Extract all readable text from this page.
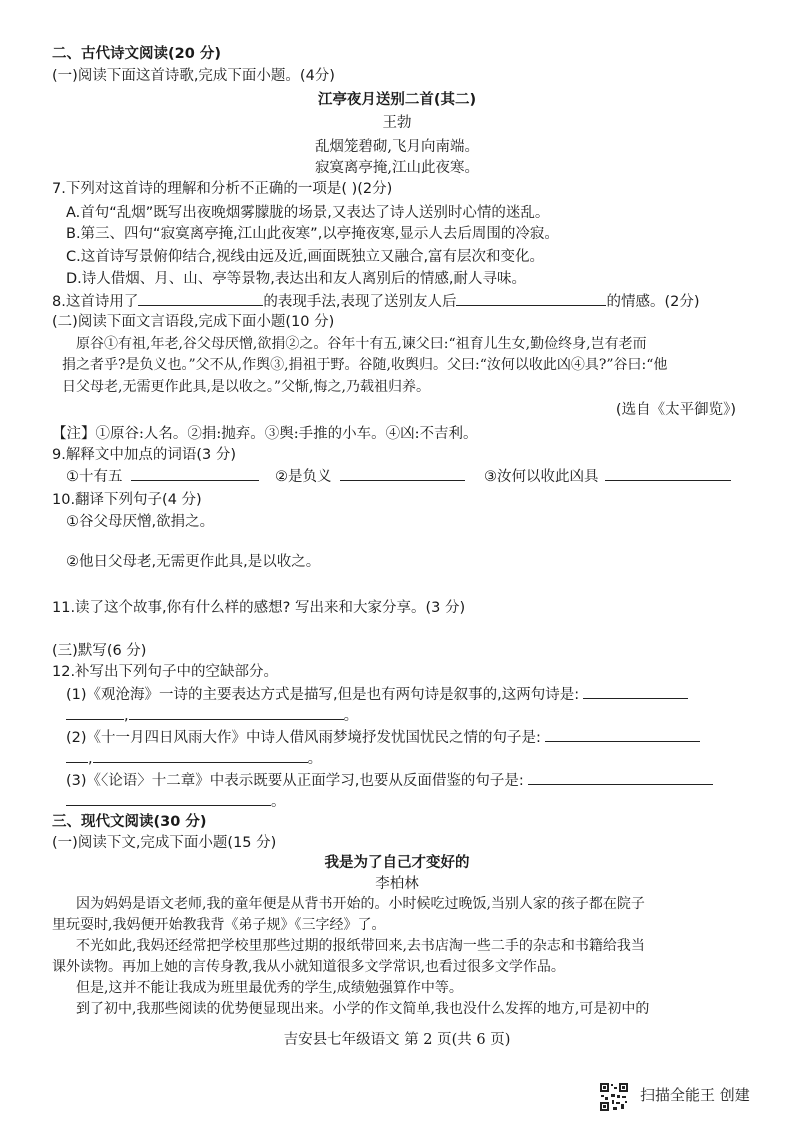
二、古代诗文阅读(20 分)
(一)阅读下面这首诗歌,完成下面小题。(4分)
江亭夜月送别二首(其二)
王勃
乱烟笼碧砌,飞月向南端。
寂寞离亭掩,江山此夜寒。
7.下列对这首诗的理解和分析不正确的一项是( )(2分)
A.首句“乱烟”既写出夜晚烟雾朦胧的场景,又表达了诗人送别时心情的迷乱。
B.第三、四句“寂寞离亭掩,江山此夜寒”,以亭掩夜寒,显示人去后周围的冷寂。
C.这首诗写景俯仰结合,视线由远及近,画面既独立又融合,富有层次和变化。
D.诗人借烟、月、山、亭等景物,表达出和友人离别后的情感,耐人寻味。
8.这首诗用了	的表现手法,表现了送别友人后	的情感。(2分)
(二)阅读下面文言语段,完成下面小题(10 分)
原谷①有祖,年老,谷父母厌憎,欲捐②之。谷年十有五,谏父曰:“祖育儿生女,勤俭终身,岂有老而
捐之者乎?是负义也。”父不从,作舆③,捐祖于野。谷随,收舆归。父曰:“汝何以收此凶④具?”谷曰:“他
日父母老,无需更作此具,是以收之。”父惭,悔之,乃载祖归养。
(选自《太平御览》)
【注】①原谷:人名。②捐:抛弃。③舆:手推的小车。④凶:不吉利。
9.解释文中加点的词语(3 分)
①十有五	②是负义	③汝何以收此凶具
10.翻译下列句子(4 分)
①谷父母厌憎,欲捐之。
②他日父母老,无需更作此具,是以收之。
11.读了这个故事,你有什么样的感想? 写出来和大家分享。(3 分)
(三)默写(6 分)
12.补写出下列句子中的空缺部分。
(1)《观沧海》一诗的主要表达方式是描写,但是也有两句诗是叙事的,这两句诗是:
,	。
(2)《十一月四日风雨大作》中诗人借风雨梦境抒发忧国忧民之情的句子是:
,	。
(3)《〈论语〉十二章》中表示既要从正面学习,也要从反面借鉴的句子是:
。
三、现代文阅读(30 分)
(一)阅读下文,完成下面小题(15 分)
我是为了自己才变好的
李柏林
因为妈妈是语文老师,我的童年便是从背书开始的。小时候吃过晚饭,当别人家的孩子都在院子
里玩耍时,我妈便开始教我背《弟子规》《三字经》了。
不光如此,我妈还经常把学校里那些过期的报纸带回来,去书店淘一些二手的杂志和书籍给我当
课外读物。再加上她的言传身教,我从小就知道很多文学常识,也看过很多文学作品。
但是,这并不能让我成为班里最优秀的学生,成绩勉强算作中等。
到了初中,我那些阅读的优势便显现出来。小学的作文简单,我也没什么发挥的地方,可是初中的
吉安县七年级语文 第 2 页(共 6 页)
扫描全能王 创建
